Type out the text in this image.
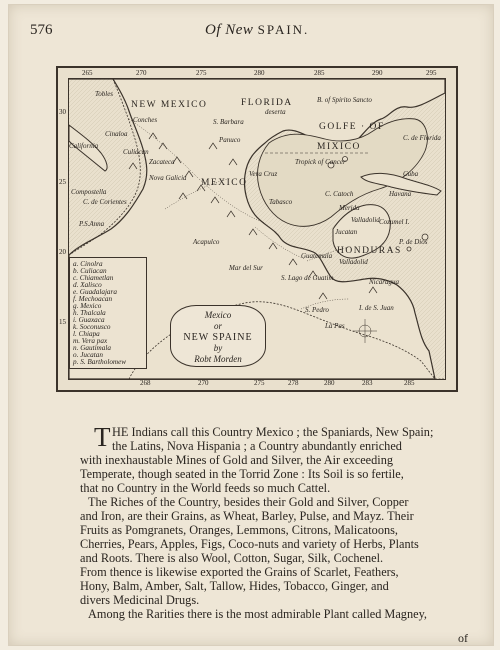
576	Of New SPAIN.
265	270	275	280	285	290	295
268	270	275	278	280	283	285
30
25
20
15
NEW MEXICO
Tobles
Conches
California
FLORIDA
deserta
B. of Spirito Sancto
GOLFE · OF
MIXICO
Tropick of Cancer
C. de Florida
Cuba
Havana
S. Barbara
Cinaloa
Culiacan
Zacateca
Nova Galicia
Panuco
MEXICO
Vera Cruz
Tabasco
Compostella
C. de Corientes
P.S.Anna
Acapulco
C. Catoch
Merida
Valladolid Cozumel I.
Jucatan
HONDURAS
Valladolid
Guatemala
S. Lago de Guatim	Nicaragua
P. de Dios
S. Pedro
La Pas
Mar del Sur
I. de S. Juan
a. Cinolra
b. Culiacan
c. Chiametlan
d. Xalisco
e. Guadalajara
f. Mechoacan
g. Mexico
h. Thalcala
i. Guaxaca
k. Soconusco
l. Chiapa
m. Vera pax
n. Gautimala
o. Jucatan
p. S. Bartholomew
Mexico
or
NEW SPAINE
by
Robt Morden
T HE Indians call this Country Mexico ; the Spaniards, New Spain;
the Latins, Nova Hispania ; a Country abundantly enriched
with inexhaustable Mines of Gold and Silver, the Air exceeding
Temperate, though seated in the Torrid Zone : Its Soil is so fertile,
that no Country in the World feeds so much Cattel.
The Riches of the Country, besides their Gold and Silver, Copper
and Iron, are their Grains, as Wheat, Barley, Pulse, and Mayz. Their
Fruits as Pomgranets, Oranges, Lemmons, Citrons, Malicatoons,
Cherries, Pears, Apples, Figs, Coco-nuts and variety of Herbs, Plants
and Roots. There is also Wool, Cotton, Sugar, Silk, Cochenel.
From thence is likewise exported the Grains of Scarlet, Feathers,
Hony, Balm, Amber, Salt, Tallow, Hides, Tobacco, Ginger, and
divers Medicinal Drugs.
Among the Rarities there is the most admirable Plant called Magney,
of
